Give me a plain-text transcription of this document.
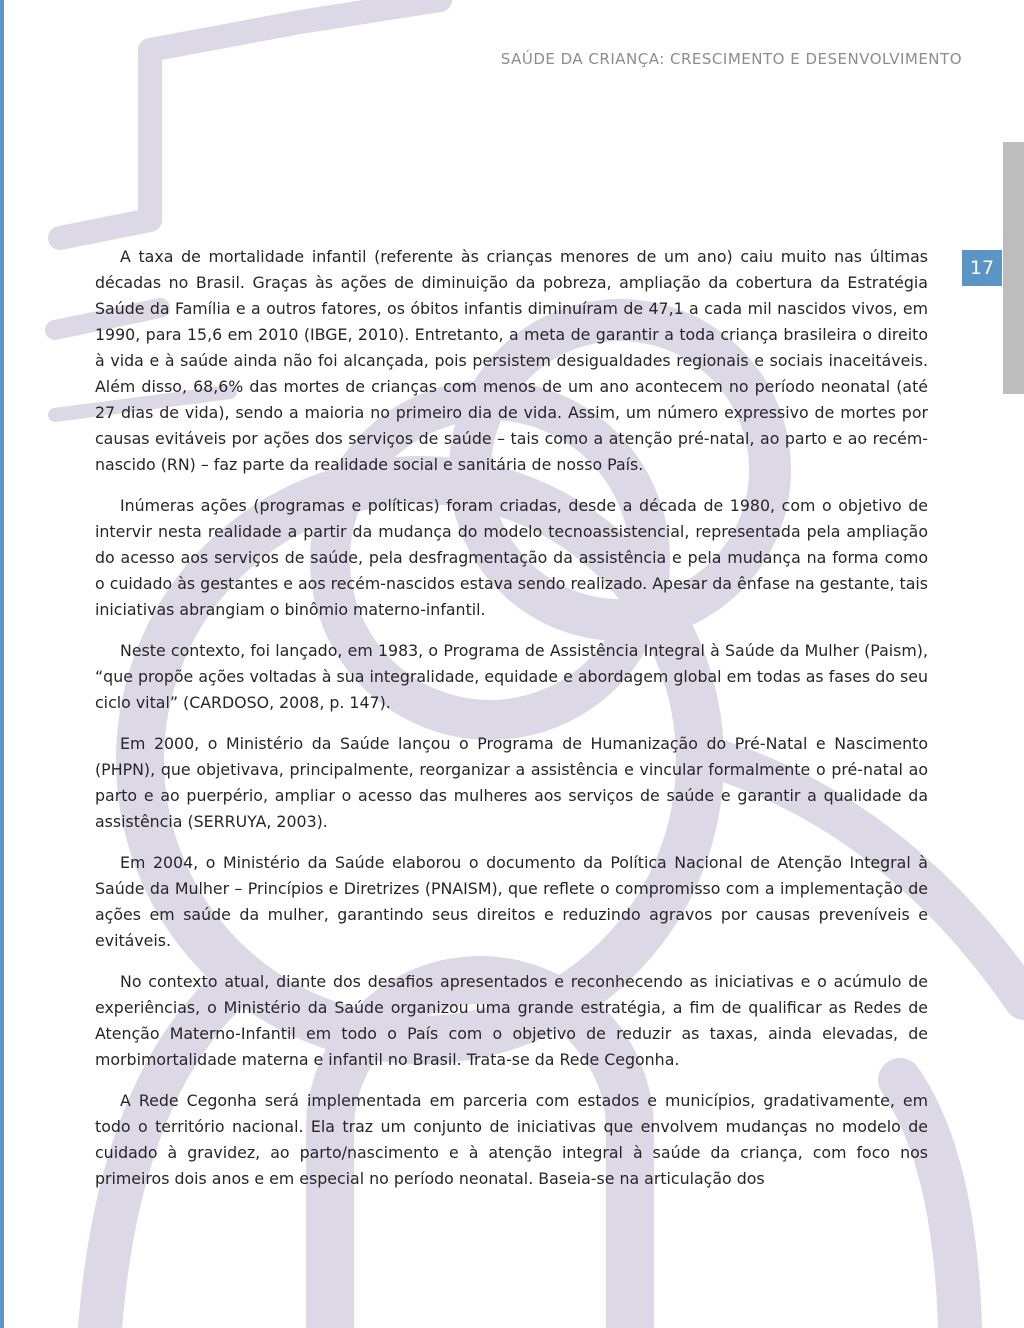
SAÚDE DA CRIANÇA: CRESCIMENTO E DESENVOLVIMENTO
17

A taxa de mortalidade infantil (referente às crianças menores de um ano) caiu muito nas últimas décadas no Brasil. Graças às ações de diminuição da pobreza, ampliação da cobertura da Estratégia Saúde da Família e a outros fatores, os óbitos infantis diminuíram de 47,1 a cada mil nascidos vivos, em 1990, para 15,6 em 2010 (IBGE, 2010). Entretanto, a meta de garantir a toda criança brasileira o direito à vida e à saúde ainda não foi alcançada, pois persistem desigualdades regionais e sociais inaceitáveis. Além disso, 68,6% das mortes de crianças com menos de um ano acontecem no período neonatal (até 27 dias de vida), sendo a maioria no primeiro dia de vida. Assim, um número expressivo de mortes por causas evitáveis por ações dos serviços de saúde – tais como a atenção pré-natal, ao parto e ao recém-nascido (RN) – faz parte da realidade social e sanitária de nosso País.

Inúmeras ações (programas e políticas) foram criadas, desde a década de 1980, com o objetivo de intervir nesta realidade a partir da mudança do modelo tecnoassistencial, representada pela ampliação do acesso aos serviços de saúde, pela desfragmentação da assistência e pela mudança na forma como o cuidado às gestantes e aos recém-nascidos estava sendo realizado. Apesar da ênfase na gestante, tais iniciativas abrangiam o binômio materno-infantil.

Neste contexto, foi lançado, em 1983, o Programa de Assistência Integral à Saúde da Mulher (Paism), “que propõe ações voltadas à sua integralidade, equidade e abordagem global em todas as fases do seu ciclo vital” (CARDOSO, 2008, p. 147).

Em 2000, o Ministério da Saúde lançou o Programa de Humanização do Pré-Natal e Nascimento (PHPN), que objetivava, principalmente, reorganizar a assistência e vincular formalmente o pré-natal ao parto e ao puerpério, ampliar o acesso das mulheres aos serviços de saúde e garantir a qualidade da assistência (SERRUYA, 2003).

Em 2004, o Ministério da Saúde elaborou o documento da Política Nacional de Atenção Integral à Saúde da Mulher – Princípios e Diretrizes (PNAISM), que reflete o compromisso com a implementação de ações em saúde da mulher, garantindo seus direitos e reduzindo agravos por causas preveníveis e evitáveis.

No contexto atual, diante dos desafios apresentados e reconhecendo as iniciativas e o acúmulo de experiências, o Ministério da Saúde organizou uma grande estratégia, a fim de qualificar as Redes de Atenção Materno-Infantil em todo o País com o objetivo de reduzir as taxas, ainda elevadas, de morbimortalidade materna e infantil no Brasil. Trata-se da Rede Cegonha.

A Rede Cegonha será implementada em parceria com estados e municípios, gradativamente, em todo o território nacional. Ela traz um conjunto de iniciativas que envolvem mudanças no modelo de cuidado à gravidez, ao parto/nascimento e à atenção integral à saúde da criança, com foco nos primeiros dois anos e em especial no período neonatal. Baseia-se na articulação dos
